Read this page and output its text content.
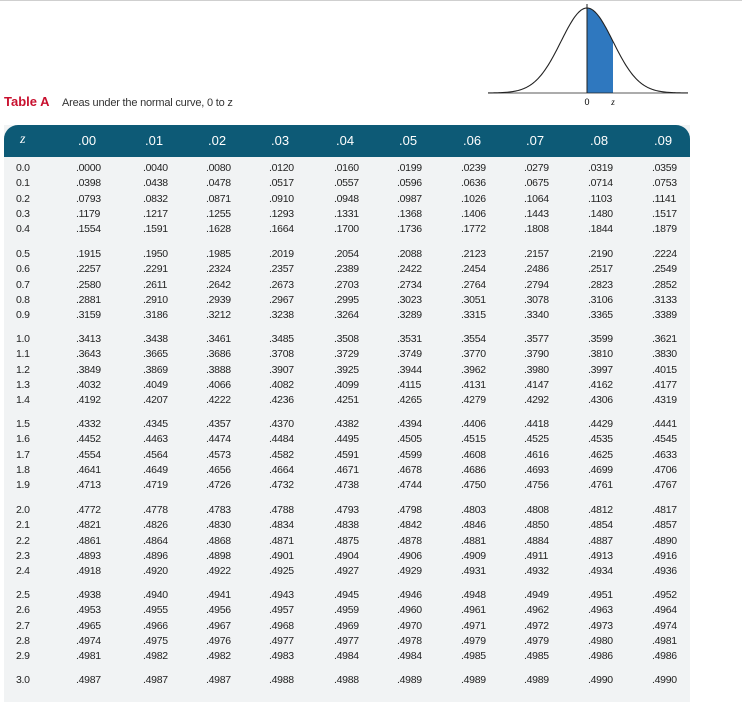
Table A Areas under the normal curve, 0 to z	0 z
z	.00	.01	.02	.03	.04	.05	.06	.07	.08	.09
0.0	.0000	.0040	.0080	.0120	.0160	.0199	.0239	.0279	.0319	.0359
0.1	.0398	.0438	.0478	.0517	.0557	.0596	.0636	.0675	.0714	.0753
0.2	.0793	.0832	.0871	.0910	.0948	.0987	.1026	.1064	.1103	.1141
0.3	.1179	.1217	.1255	.1293	.1331	.1368	.1406	.1443	.1480	.1517
0.4	.1554	.1591	.1628	.1664	.1700	.1736	.1772	.1808	.1844	.1879
0.5	.1915	.1950	.1985	.2019	.2054	.2088	.2123	.2157	.2190	.2224
0.6	.2257	.2291	.2324	.2357	.2389	.2422	.2454	.2486	.2517	.2549
0.7	.2580	.2611	.2642	.2673	.2703	.2734	.2764	.2794	.2823	.2852
0.8	.2881	.2910	.2939	.2967	.2995	.3023	.3051	.3078	.3106	.3133
0.9	.3159	.3186	.3212	.3238	.3264	.3289	.3315	.3340	.3365	.3389
1.0	.3413	.3438	.3461	.3485	.3508	.3531	.3554	.3577	.3599	.3621
1.1	.3643	.3665	.3686	.3708	.3729	.3749	.3770	.3790	.3810	.3830
1.2	.3849	.3869	.3888	.3907	.3925	.3944	.3962	.3980	.3997	.4015
1.3	.4032	.4049	.4066	.4082	.4099	.4115	.4131	.4147	.4162	.4177
1.4	.4192	.4207	.4222	.4236	.4251	.4265	.4279	.4292	.4306	.4319
1.5	.4332	.4345	.4357	.4370	.4382	.4394	.4406	.4418	.4429	.4441
1.6	.4452	.4463	.4474	.4484	.4495	.4505	.4515	.4525	.4535	.4545
1.7	.4554	.4564	.4573	.4582	.4591	.4599	.4608	.4616	.4625	.4633
1.8	.4641	.4649	.4656	.4664	.4671	.4678	.4686	.4693	.4699	.4706
1.9	.4713	.4719	.4726	.4732	.4738	.4744	.4750	.4756	.4761	.4767
2.0	.4772	.4778	.4783	.4788	.4793	.4798	.4803	.4808	.4812	.4817
2.1	.4821	.4826	.4830	.4834	.4838	.4842	.4846	.4850	.4854	.4857
2.2	.4861	.4864	.4868	.4871	.4875	.4878	.4881	.4884	.4887	.4890
2.3	.4893	.4896	.4898	.4901	.4904	.4906	.4909	.4911	.4913	.4916
2.4	.4918	.4920	.4922	.4925	.4927	.4929	.4931	.4932	.4934	.4936
2.5	.4938	.4940	.4941	.4943	.4945	.4946	.4948	.4949	.4951	.4952
2.6	.4953	.4955	.4956	.4957	.4959	.4960	.4961	.4962	.4963	.4964
2.7	.4965	.4966	.4967	.4968	.4969	.4970	.4971	.4972	.4973	.4974
2.8	.4974	.4975	.4976	.4977	.4977	.4978	.4979	.4979	.4980	.4981
2.9	.4981	.4982	.4982	.4983	.4984	.4984	.4985	.4985	.4986	.4986
3.0	.4987	.4987	.4987	.4988	.4988	.4989	.4989	.4989	.4990	.4990
